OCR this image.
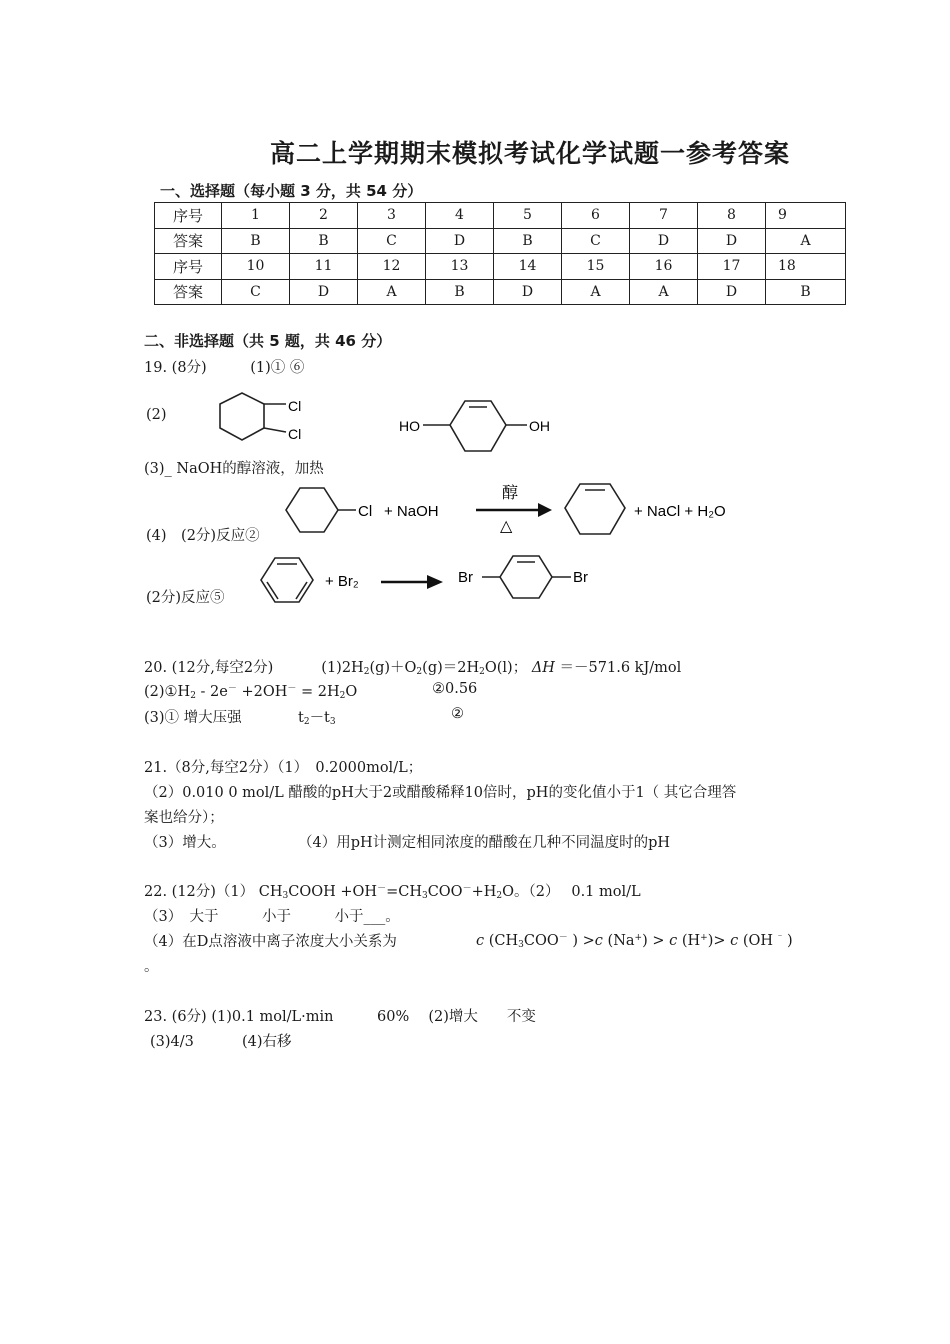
高二上学期期末模拟考试化学试题一参考答案
一、选择题（每小题 3 分，共 54 分）
序号	1	2	3	4	5	6	7	8	9
答案	B	B	C	D	B	C	D	D	A
序号	10	11	12	13	14	15	16	17	18
答案	C	D	A	B	D	A	A	D	B
二、非选择题（共 5 题，共 46 分）
19. (8分)　　　(1)① ⑥
(2)
Cl
Cl	HO	OH
(3)_ NaOH的醇溶液，加热
(4)　(2分)反应②
Cl + NaOH
醇
△
+ NaCl + H₂O
(2分)反应⑤
+ Br₂	Br	Br
20. (12分,每空2分)	$(1)2H_2(g)+O_2(g)=2H_2O(l)$； ΔH ＝－571.6 kJ/mol
$(2)①H_2 - 2e^- +2OH^- = 2H_2O$	②0.56
(3)① 增大压强	$t_2-t_3$	②
21.（8分,每空2分）（1）　0.2000mol/L；
（2）0.010 0 mol/L 醋酸的pH大于2或醋酸稀释10倍时，pH的变化值小于1（ 其它合理答
案也给分）；
（3）增大。	（4）用pH计测定相同浓度的醋酸在几种不同温度时的pH
22. (12分)（1） $CH_3COOH +OH^-=CH_3COO^-+H_2O$。（2）　 0.1 mol/L
（3）　大于　　　小于　　　小于___。
（4）在D点溶液中离子浓度大小关系为	c ($CH_3COO^-$ ) >c (Na+) > c (H+)> c (OH ⁻ )
。
23. (6分) (1)0.1 mol/L·min　　　60%　 (2)增大　　不变
(3)4/3　　　 (4)右移
